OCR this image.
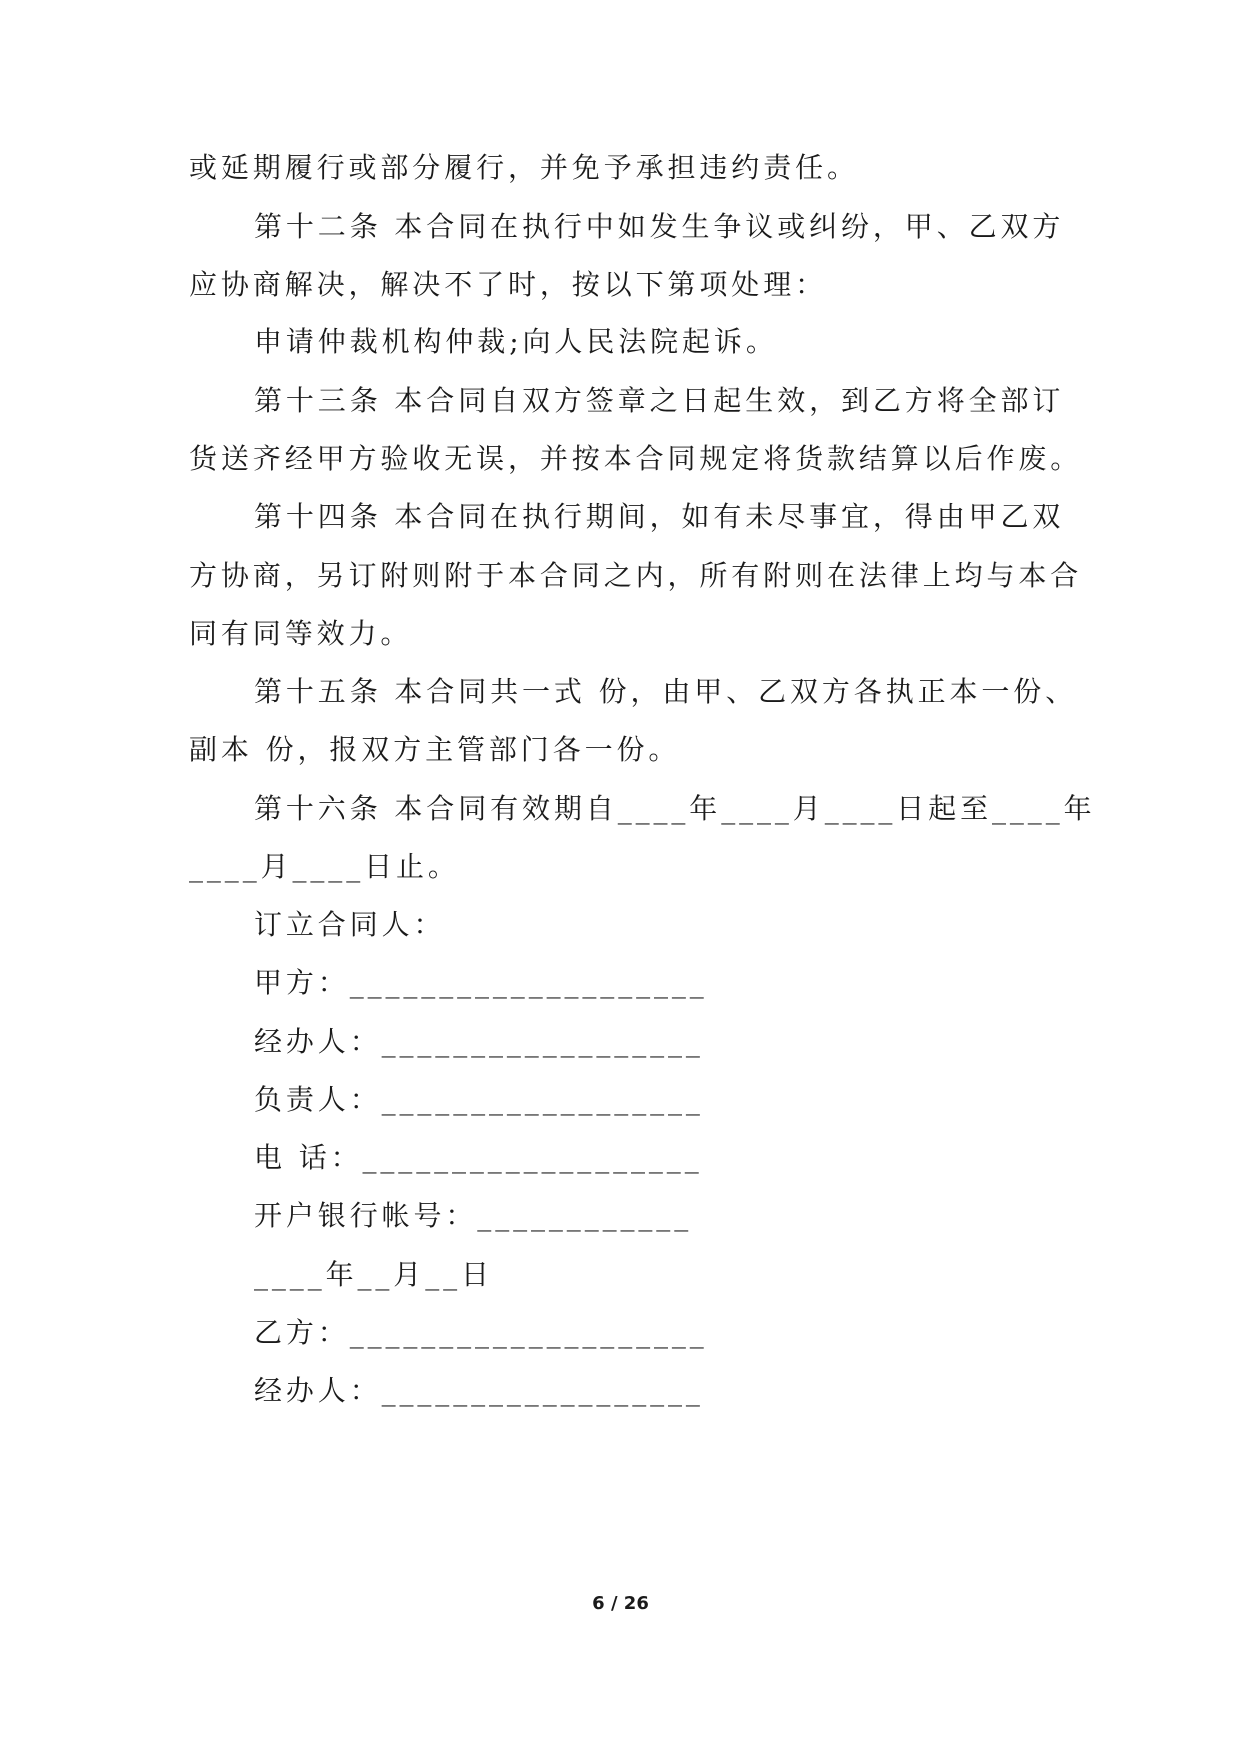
或延期履行或部分履行，并免予承担违约责任。
第十二条 本合同在执行中如发生争议或纠纷，甲、乙双方
应协商解决，解决不了时，按以下第项处理：
申请仲裁机构仲裁;向人民法院起诉。
第十三条 本合同自双方签章之日起生效，到乙方将全部订
货送齐经甲方验收无误，并按本合同规定将货款结算以后作废。
第十四条 本合同在执行期间，如有未尽事宜，得由甲乙双
方协商，另订附则附于本合同之内，所有附则在法律上均与本合
同有同等效力。
第十五条 本合同共一式 份，由甲、乙双方各执正本一份、
副本 份，报双方主管部门各一份。
第十六条 本合同有效期自____年____月____日起至____年
____月____日止。
订立合同人：
甲方：____________________
经办人：__________________
负责人：__________________
电 话：___________________
开户银行帐号：____________
____年__月__日
乙方：____________________
经办人：__________________
6 / 26
